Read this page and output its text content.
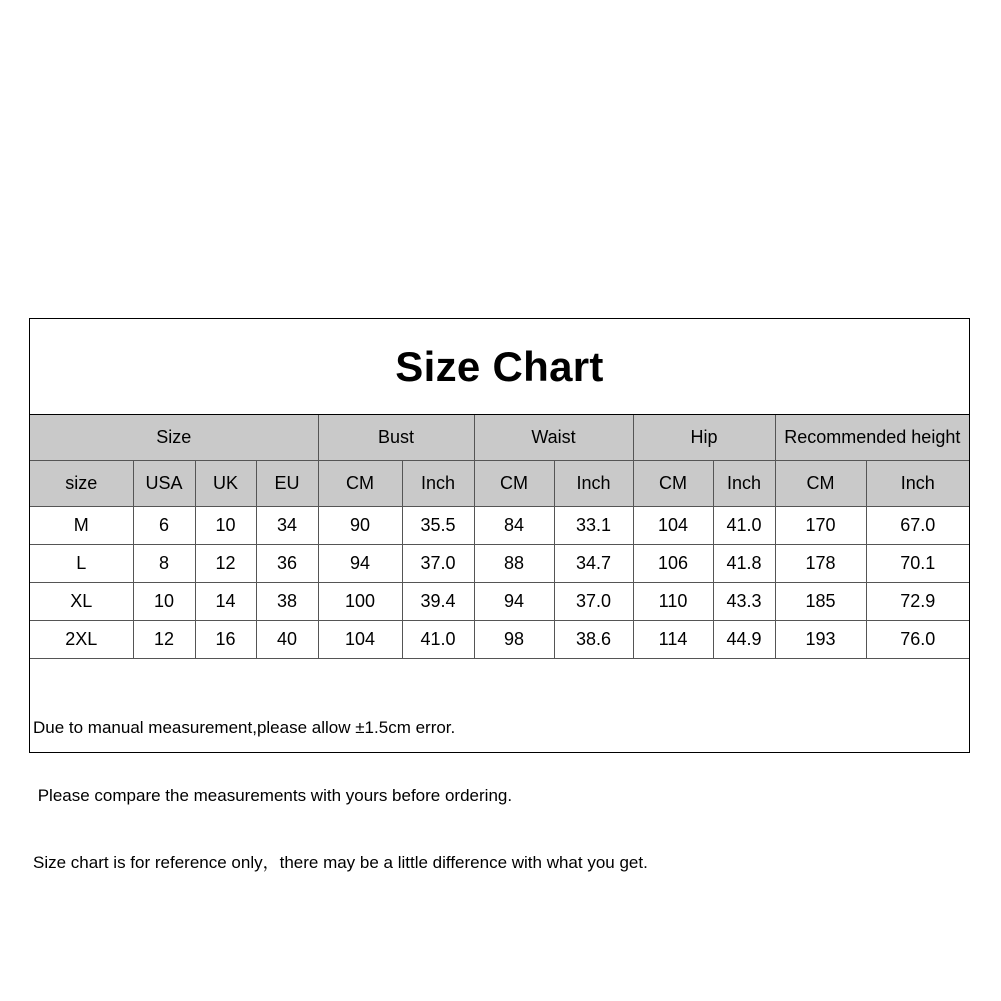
Size Chart
Size				Bust		Waist		Hip		Recommended height	
size	USA	UK	EU	CM	Inch	CM	Inch	CM	Inch	CM	Inch
M	6	10	34	90	35.5	84	33.1	104	41.0	170	67.0
L	8	12	36	94	37.0	88	34.7	106	41.8	178	70.1
XL	10	14	38	100	39.4	94	37.0	110	43.3	185	72.9
2XL	12	16	40	104	41.0	98	38.6	114	44.9	193	76.0

Due to manual measurement,please allow ±1.5cm error.

Please compare the measurements with yours before ordering.

Size chart is for reference only，there may be a little difference with what you get.
